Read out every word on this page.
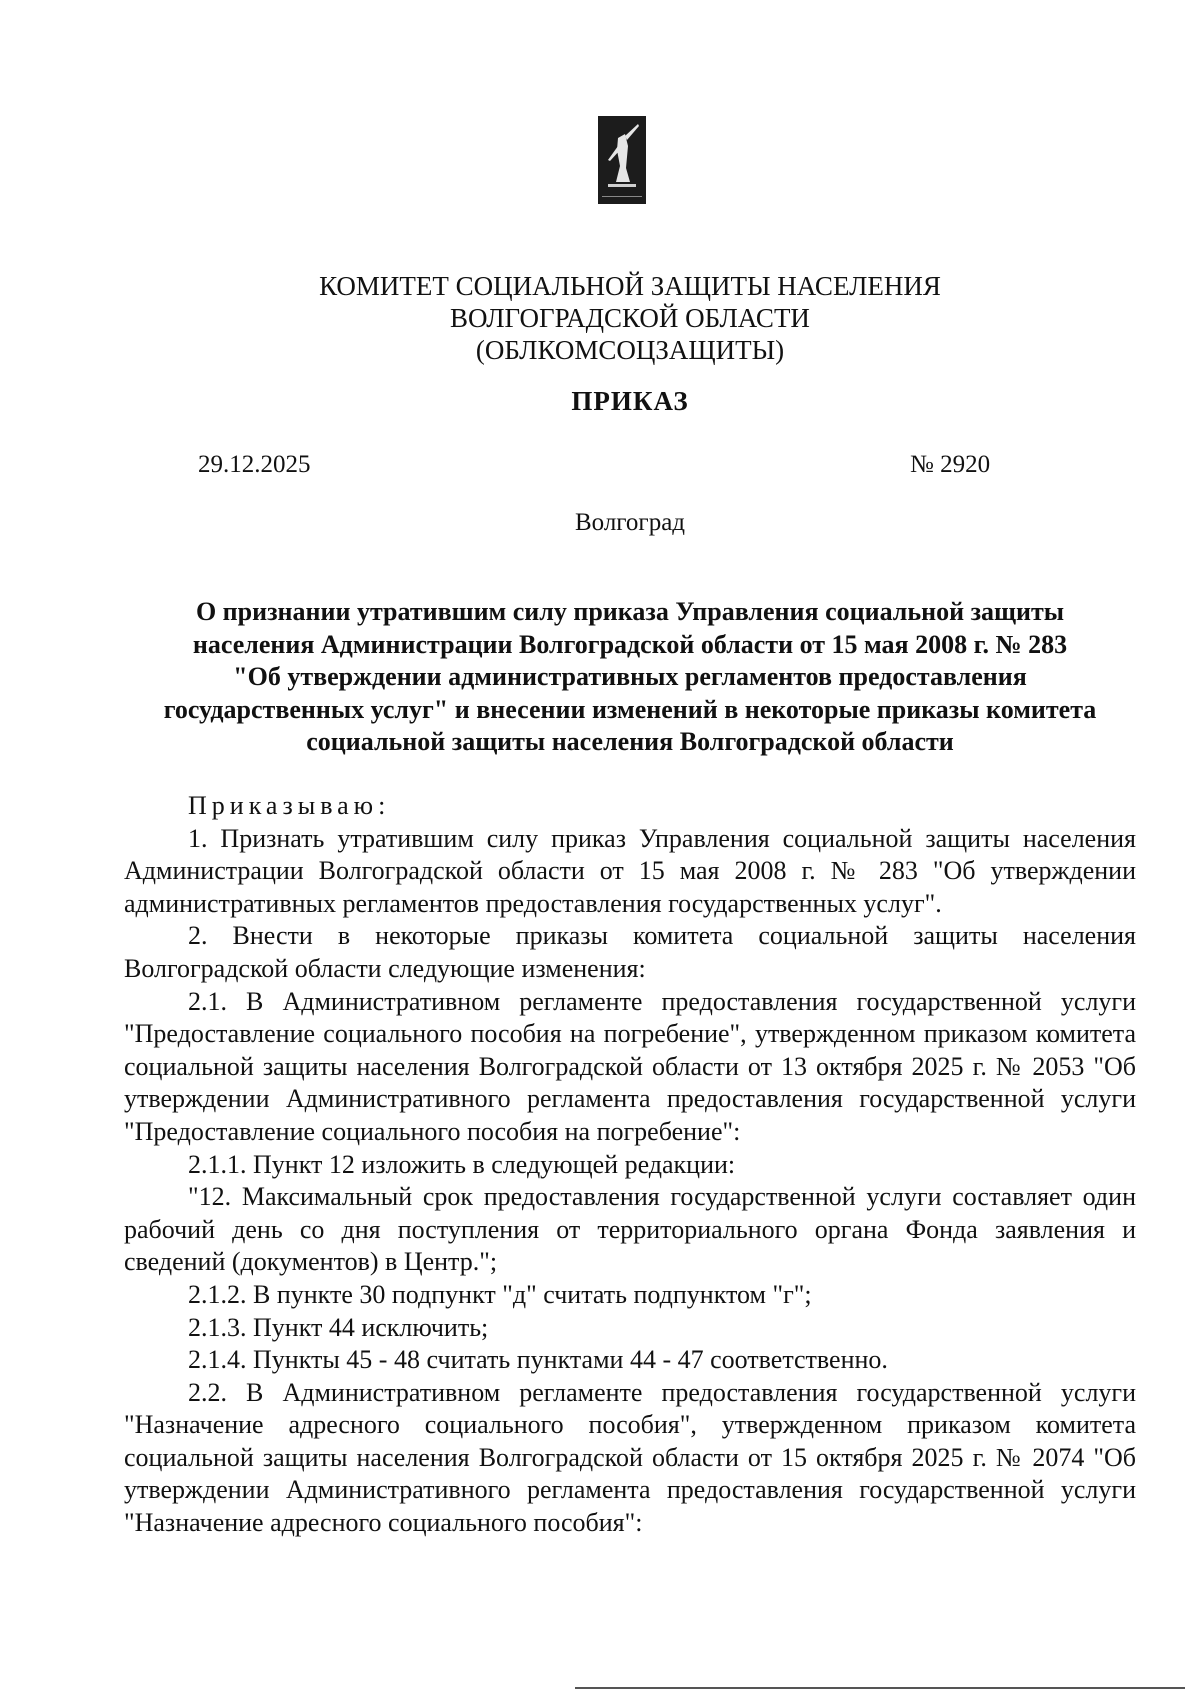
КОМИТЕТ СОЦИАЛЬНОЙ ЗАЩИТЫ НАСЕЛЕНИЯ
ВОЛГОГРАДСКОЙ ОБЛАСТИ
(ОБЛКОМСОЦЗАЩИТЫ)
ПРИКАЗ
29.12.2025	№ 2920
Волгоград
О признании утратившим силу приказа Управления социальной защиты
населения Администрации Волгоградской области от 15 мая 2008 г. № 283
"Об утверждении административных регламентов предоставления
государственных услуг" и внесении изменений в некоторые приказы комитета
социальной защиты населения Волгоградской области

Приказываю:

1. Признать утратившим силу приказ Управления социальной защиты населения Администрации Волгоградской области от 15 мая 2008 г. № 283 "Об утверждении административных регламентов предоставления государственных услуг".

2. Внести в некоторые приказы комитета социальной защиты населения Волгоградской области следующие изменения:

2.1. В Административном регламенте предоставления государственной услуги "Предоставление социального пособия на погребение", утвержденном приказом комитета социальной защиты населения Волгоградской области от 13 октября 2025 г. № 2053 "Об утверждении Административного регламента предоставления государственной услуги "Предоставление социального пособия на погребение":

2.1.1. Пункт 12 изложить в следующей редакции:

"12. Максимальный срок предоставления государственной услуги составляет один рабочий день со дня поступления от территориального органа Фонда заявления и сведений (документов) в Центр.";

2.1.2. В пункте 30 подпункт "д" считать подпунктом "г";

2.1.3. Пункт 44 исключить;

2.1.4. Пункты 45 - 48 считать пунктами 44 - 47 соответственно.

2.2. В Административном регламенте предоставления государственной услуги "Назначение адресного социального пособия", утвержденном приказом комитета социальной защиты населения Волгоградской области от 15 октября 2025 г. № 2074 "Об утверждении Административного регламента предоставления государственной услуги "Назначение адресного социального пособия":
